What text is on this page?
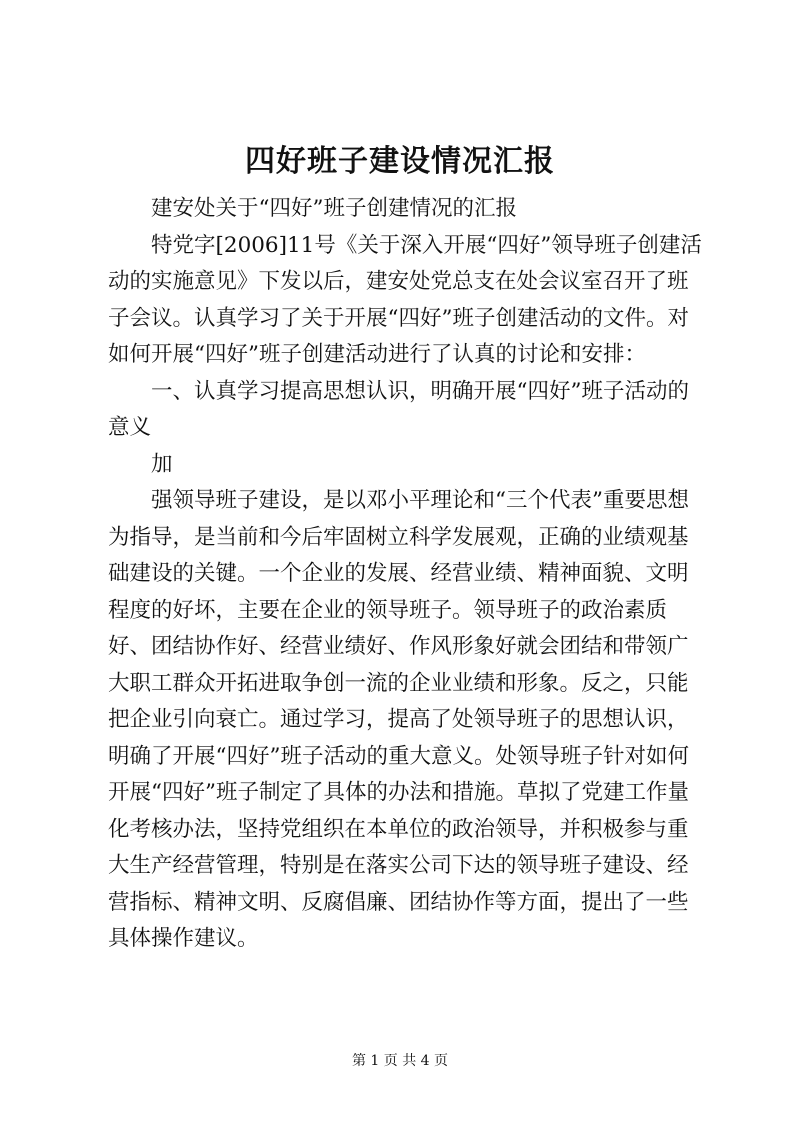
四好班子建设情况汇报

建安处关于“四好”班子创建情况的汇报

特党字[2006]11号《关于深入开展“四好”领导班子创建活动的实施意见》下发以后，建安处党总支在处会议室召开了班子会议。认真学习了关于开展“四好”班子创建活动的文件。对如何开展“四好”班子创建活动进行了认真的讨论和安排：

一、认真学习提高思想认识，明确开展“四好”班子活动的意义

加

强领导班子建设，是以邓小平理论和“三个代表”重要思想为指导，是当前和今后牢固树立科学发展观，正确的业绩观基础建设的关键。一个企业的发展、经营业绩、精神面貌、文明程度的好坏，主要在企业的领导班子。领导班子的政治素质好、团结协作好、经营业绩好、作风形象好就会团结和带领广大职工群众开拓进取争创一流的企业业绩和形象。反之，只能把企业引向衰亡。通过学习，提高了处领导班子的思想认识，明确了开展“四好”班子活动的重大意义。处领导班子针对如何开展“四好”班子制定了具体的办法和措施。草拟了党建工作量化考核办法，坚持党组织在本单位的政治领导，并积极参与重大生产经营管理，特别是在落实公司下达的领导班子建设、经营指标、精神文明、反腐倡廉、团结协作等方面，提出了一些具体操作建议。

第 1 页 共 4 页
